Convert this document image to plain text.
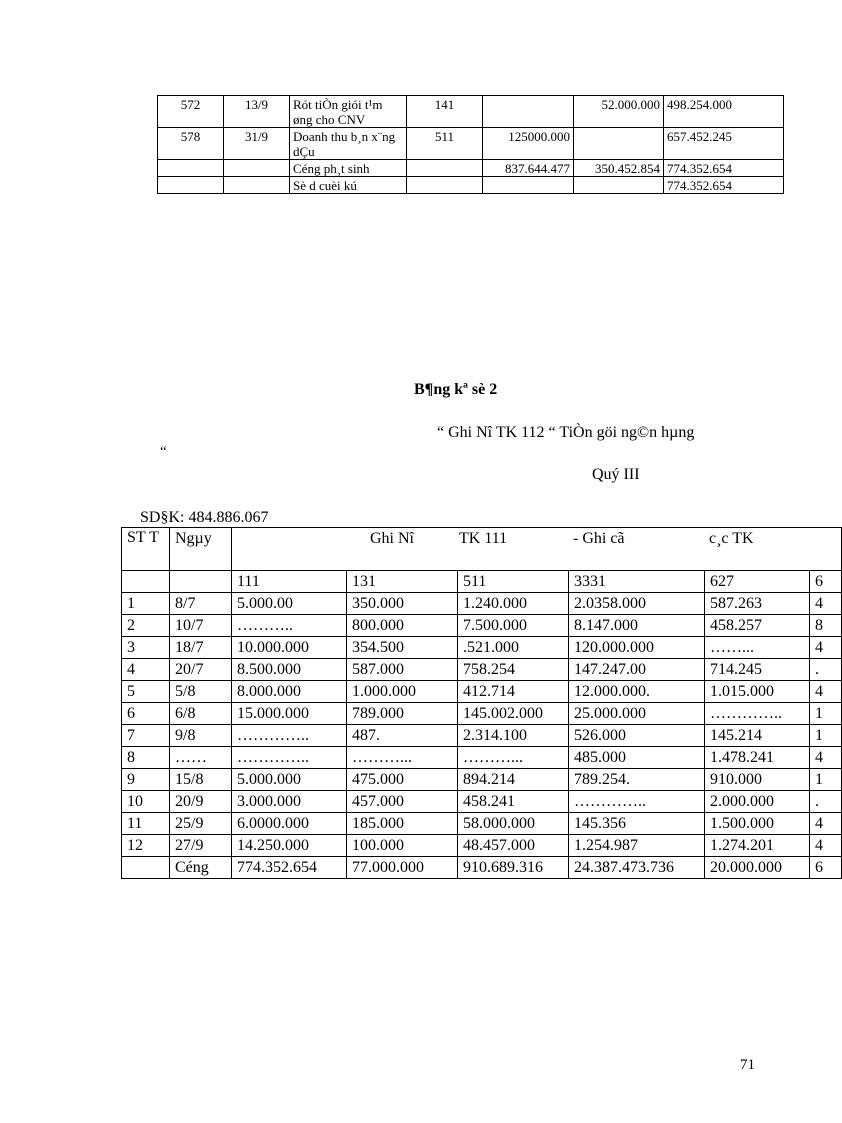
572	13/9	Rót tiÒn giói t¹m øng cho CNV	141		52.000.000	498.254.000
578	31/9	Doanh thu b¸n x¨ng dÇu	511	125000.000		657.452.245
		Céng ph¸t sinh		837.644.477	350.452.854	774.352.654
		Sè d cuèi kú				774.352.654
B¶ng kª sè 2
“ Ghi Nî TK 112 “ TiÒn göi ng©n hµng
“
Quý III
SD§K: 484.886.067
ST T	Ngµy	Ghi Nî TK 111 - Ghi cã c¸c TK					

		111	131	511	3331	627	6
1	8/7	5.000.00	350.000	1.240.000	2.0358.000	587.263	4
2	10/7	………..	800.000	7.500.000	8.147.000	458.257	8
3	18/7	10.000.000	354.500	.521.000	120.000.000	……...	4
4	20/7	8.500.000	587.000	758.254	147.247.00	714.245	.
5	5/8	8.000.000	1.000.000	412.714	12.000.000.	1.015.000	4
6	6/8	15.000.000	789.000	145.002.000	25.000.000	…………..	1
7	9/8	…………..	487.	2.314.100	526.000	145.214	1
8	……	…………..	………...	………...	485.000	1.478.241	4
9	15/8	5.000.000	475.000	894.214	789.254.	910.000	1
10	20/9	3.000.000	457.000	458.241	…………..	2.000.000	.
11	25/9	6.0000.000	185.000	58.000.000	145.356	1.500.000	4
12	27/9	14.250.000	100.000	48.457.000	1.254.987	1.274.201	4
	Céng	774.352.654	77.000.000	910.689.316	24.387.473.736	20.000.000	6
71
